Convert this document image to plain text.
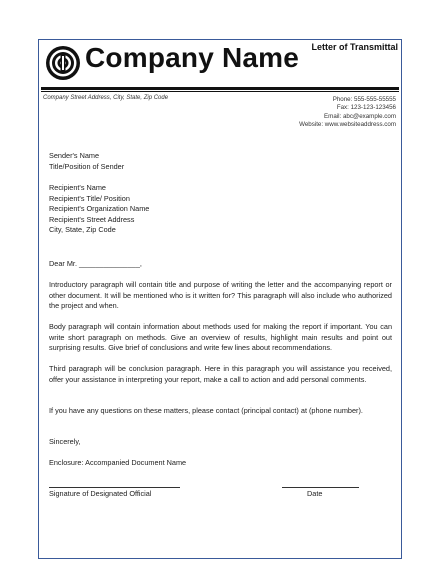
Company Name Letter of Transmittal
Company Street Address, City, State, Zip Code	Phone: 555-555-55555
Fax: 123-123-123456
Email: abc@example.com
Website: www.websiteaddress.com
Sender's Name
Title/Position of Sender
Recipient's Name
Recipient's Title/ Position
Recipient's Organization Name
Recipient's Street Address
City, State, Zip Code
Dear Mr. _______________,
Introductory paragraph will contain title and purpose of writing the letter and the accompanying report or other document. It will be mentioned who is it written for? This paragraph will also include who authorized the project and when.
Body paragraph will contain information about methods used for making the report if important. You can write short paragraph on methods. Give an overview of results, highlight main results and point out surprising results. Give brief of conclusions and write few lines about recommendations.
Third paragraph will be conclusion paragraph. Here in this paragraph you will assistance you received, offer your assistance in interpreting your report, make a call to action and add personal comments.
If you have any questions on these matters, please contact (principal contact) at (phone number).
Sincerely,
Enclosure: Accompanied Document Name
Signature of Designated Official	Date
